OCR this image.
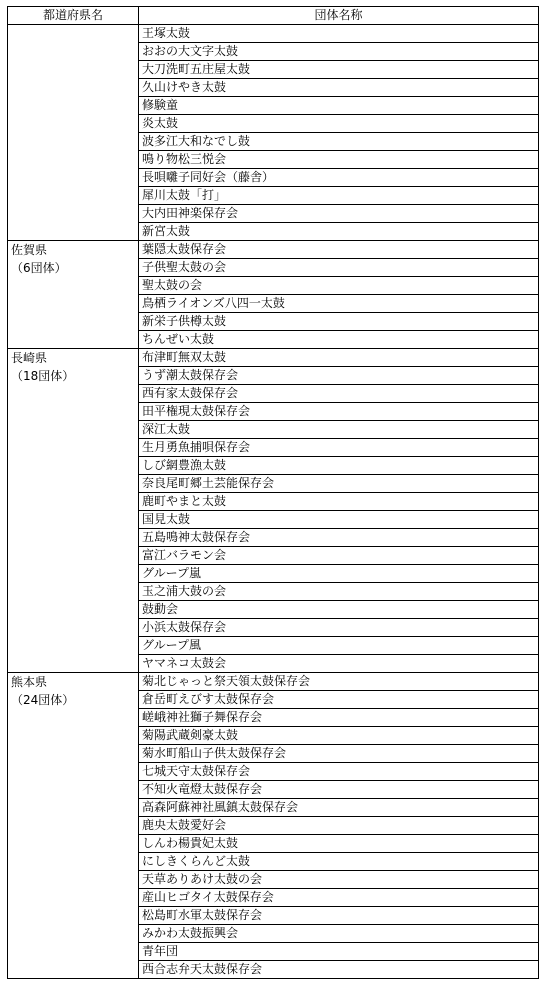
都道府県名	団体名称

	王塚太鼓
	おおの大文字太鼓
	大刀洗町五庄屋太鼓
	久山けやき太鼓
	修験童
	炎太鼓
	波多江大和なでし鼓
	鳴り物松三悦会
	長唄囃子同好会（藤舎）
	犀川太鼓「打」
	大内田神楽保存会
	新宮太鼓

佐賀県
（6団体）	葉隠太鼓保存会
	子供聖太鼓の会
	聖太鼓の会
	鳥栖ライオンズ八四一太鼓
	新栄子供樽太鼓
	ちんぜい太鼓

長崎県
（18団体）	布津町無双太鼓
	うず潮太鼓保存会
	西有家太鼓保存会
	田平権現太鼓保存会
	深江太鼓
	生月勇魚捕唄保存会
	しび網豊漁太鼓
	奈良尾町郷土芸能保存会
	鹿町やまと太鼓
	国見太鼓
	五島鳴神太鼓保存会
	富江バラモン会
	グループ嵐
	玉之浦大鼓の会
	鼓動会
	小浜太鼓保存会
	グループ風
	ヤマネコ太鼓会

熊本県
（24団体）	菊北じゃっと祭天領太鼓保存会
	倉岳町えびす太鼓保存会
	嵯峨神社獅子舞保存会
	菊陽武蔵剣豪太鼓
	菊水町船山子供太鼓保存会
	七城天守太鼓保存会
	不知火竜燈太鼓保存会
	高森阿蘇神社風鎮太鼓保存会
	鹿央太鼓愛好会
	しんわ楊貴妃太鼓
	にしきくらんど太鼓
	天草ありあけ太鼓の会
	産山ヒゴタイ太鼓保存会
	松島町水軍太鼓保存会
	みかわ太鼓振興会
	青年団
	西合志弁天太鼓保存会
